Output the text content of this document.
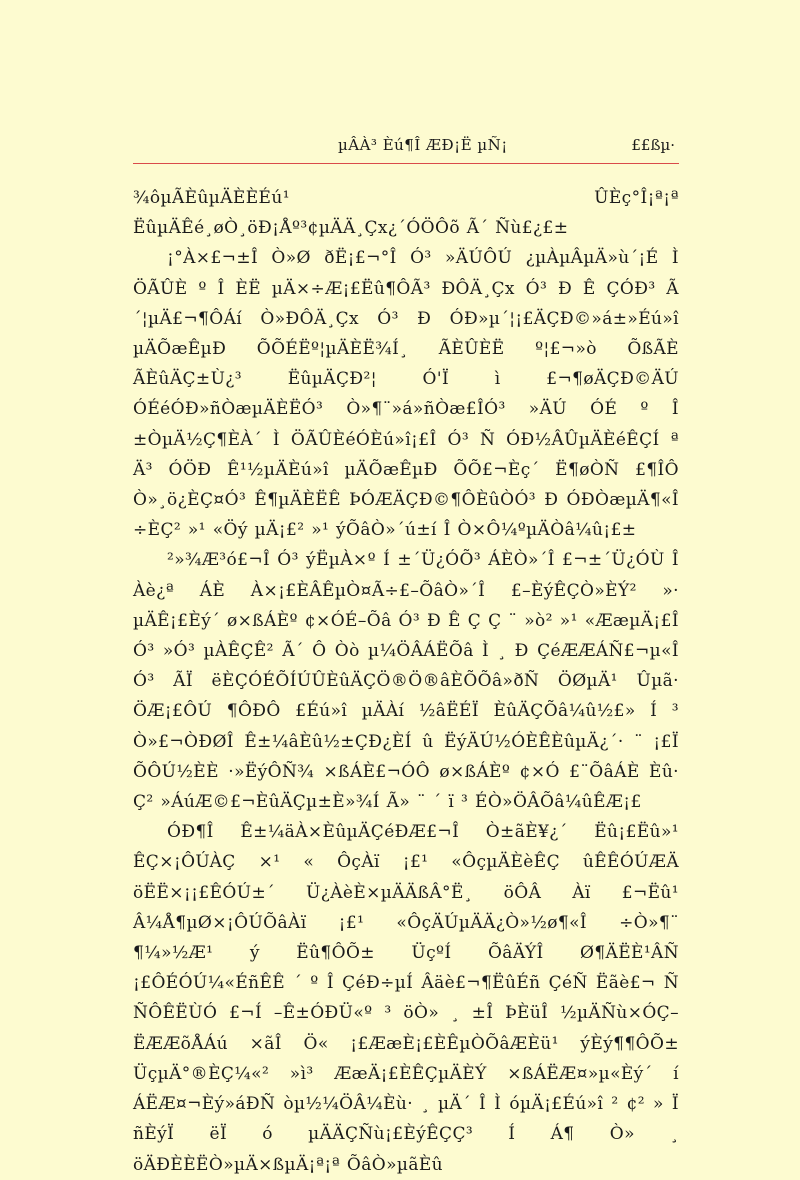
µÂÀ³ Èú¶Î ÆÐ¡Ë µÑ¡	££ßµ·

¾ôµÃÈûµÄÈÈÉú¹ ÛÈç°Î¡ª¡ª ËûµÄÊé¸øÒ¸öÐ¡Åº³¢µÄÄ¸Çx¿´ÓÖÔõ Ã´ Ñù£¿£±

¡°À×£¬±Î Ò»Ø ðË¡£¬°Î Ó³ »ÄÚÔÚ ¿µÀµÂµÄ»ù´¡É Ì ÖÃÛÈ º Î ÈË µÄ×÷Æ¡£Ëû¶ÔÃ³ ÐÔÄ¸Çx Ó³ Ð Ê ÇÓÐ³ Ã´¦µÄ£¬¶ÔÁí Ò»ÐÔÄ¸Çx Ó³ Ð ÓÐ»µ´¦¡£ÄÇÐ©»á±»Éú»î µÄÕæÊµÐ ÕÕÉËº¦µÄÈË¾Í¸ ÃÈÛÈË º¦£¬»ò ÕßÃÈ ÃÈûÄÇ±Ù¿³ ËûµÄÇÐ²¦ Ó'Ï ì £¬¶øÄÇÐ©ÄÚ ÓÉéÓÐ»ñÒæµÄÈËÓ³ Ò»¶¨»á»ñÒæ£ÎÓ³ »ÄÚ ÓÉ º Î ±ÒµÄ½Ç¶ÈÀ´ Ì ÖÃÛÈéÓÈú»î¡£Î Ó³ Ñ ÓÐ½ÂÛµÄÈéÊÇÍ ª Ä³ ÓÖÐ Ê¹½µÄÈú»î µÄÕæÊµÐ ÕÕ£¬Èç´ Ë¶øÒÑ £¶ÎÔ Ò»¸ö¿ÈÇ¤Ó³ Ê¶µÄÈËÊ ÞÓÆÄÇÐ©¶ÔÈûÒÓ³ Ð ÓÐÒæµÄ¶«Î ÷ÈÇ² »¹ «Öý µÄ¡£² »¹ ýÕâÒ»´ú±í Î Ò×Ô¼ºµÄÒâ¼û¡£±

²»¾Æ³ó£¬Î Ó³ ýËµÀ×º Í ±´Ü¿ÓÕ³ ÁÈÒ»´Î £¬±´Ü¿ÓÙ Î Àè¿ª ÁÈ À×¡£ÈÂÊµÒ¤Ã÷£–ÕâÒ»´Î £–ÈýÊÇÒ»ÈÝ² »· µÄÊ¡£Èý´ ø×ßÁÈº ¢×ÓÉ–Õâ Ó³ Ð Ê Ç Ç ¨ »ò² »¹ «ÆæµÄ¡£Î Ó³ »Ó³ µÀÊÇÊ² Ã´ Ô Òò µ¼ÖÂÁËÕâ Ì ¸ Ð ÇéÆÆÁÑ£¬µ«Î Ó³ ÃÏ ëÈÇÓÉÕÍÚÛÈûÄÇÖ®Ö®âÈÕÕâ»ðÑ ÖØµÄ¹ Ûµã· ÖÆ¡£ÔÚ ¶ÔÐÔ £Éú»î µÄÀí ½âËÉÏ ÈûÄÇÕâ¼û½£» Í ³ Ò»£¬ÒÐØÎ Ê±¼âÈû½±ÇÐ¿ÈÍ û ËýÄÚ½ÓÈÊÈûµÄ¿´· ¨ ¡£Ï ÕÔÚ½ÈÈ ·»ËýÔÑ¾ ×ßÁÈ£¬ÓÔ ø×ßÁÈº ¢×Ó £¨ÕâÁÈ Èû· Ç² »ÁúÆ©£¬ÈûÄÇµ±È»¾Í Ã» ¨ ´ ï ³ ÉÒ»ÖÂÕâ¼ûÊÆ¡£

ÓÐ¶Î Ê±¼äÀ×ÈûµÄÇéÐÆ£¬Î Ò±ãÈ¥¿´ Ëû¡£Ëû»¹ ÊÇ×¡ÔÚÀÇ ×¹ « ÔçÀï ¡£¹ «ÔçµÄÈèÊÇ ûÊÊÓÚÆÄ öËË×¡¡£ÊÓÚ±´ Ü¿ÀèÈ×µÄÄßÂ°Ë¸ öÔÂ Àï £¬Ëû¹ Â¼Å¶µØ×¡ÔÚÕâÀï ¡£¹ «ÔçÄÚµÄÄ¿Ò»½ø¶«Î ÷Ò»¶¨ ¶¼»½Æ¹ ý Ëû¶ÔÕ± ÜçºÍ ÕâÄÝÎ Ø¶ÄËÈ¹ÂÑ ¡£ÔÉÓÚ¼«ÉñÊÊ ´ º Î ÇéÐ÷µÍ Âäè£¬¶ËûÉñ ÇéÑ Ëãè£¬ Ñ ÑÔÊËÙÓ £¬Í –Ê±ÓÐÜ«º ³ öÒ» ¸ ±Î ÞÈüÎ ½µÄÑù×ÓÇ–ËÆÆõÅÁú ×ãÎ Ö« ¡£ÆæÈ¡£ÈÊµÒÕâÆÈü¹ ýÈý¶¶ÔÕ± ÜçµÄ°®ÈÇ¼«² »ì³ ÆæÄ¡£ÈÊÇµÄÈÝ ×ßÁËÆ¤»µ«Èý´ í ÁËÆ¤¬Èý»áÐÑ òµ½¼ÖÂ¼Èù· ¸ µÄ´ Î Ì óµÄ¡£Éú»î ² ¢² » Ï ñÈýÏ ëÏ ó µÄÄÇÑù¡£ÈýÊÇÇ³ Í Á¶ Ò» ¸ öÄÐÈÈËÒ»µÄ×ßµÄ¡ª¡ª ÕâÒ»µãÈû
